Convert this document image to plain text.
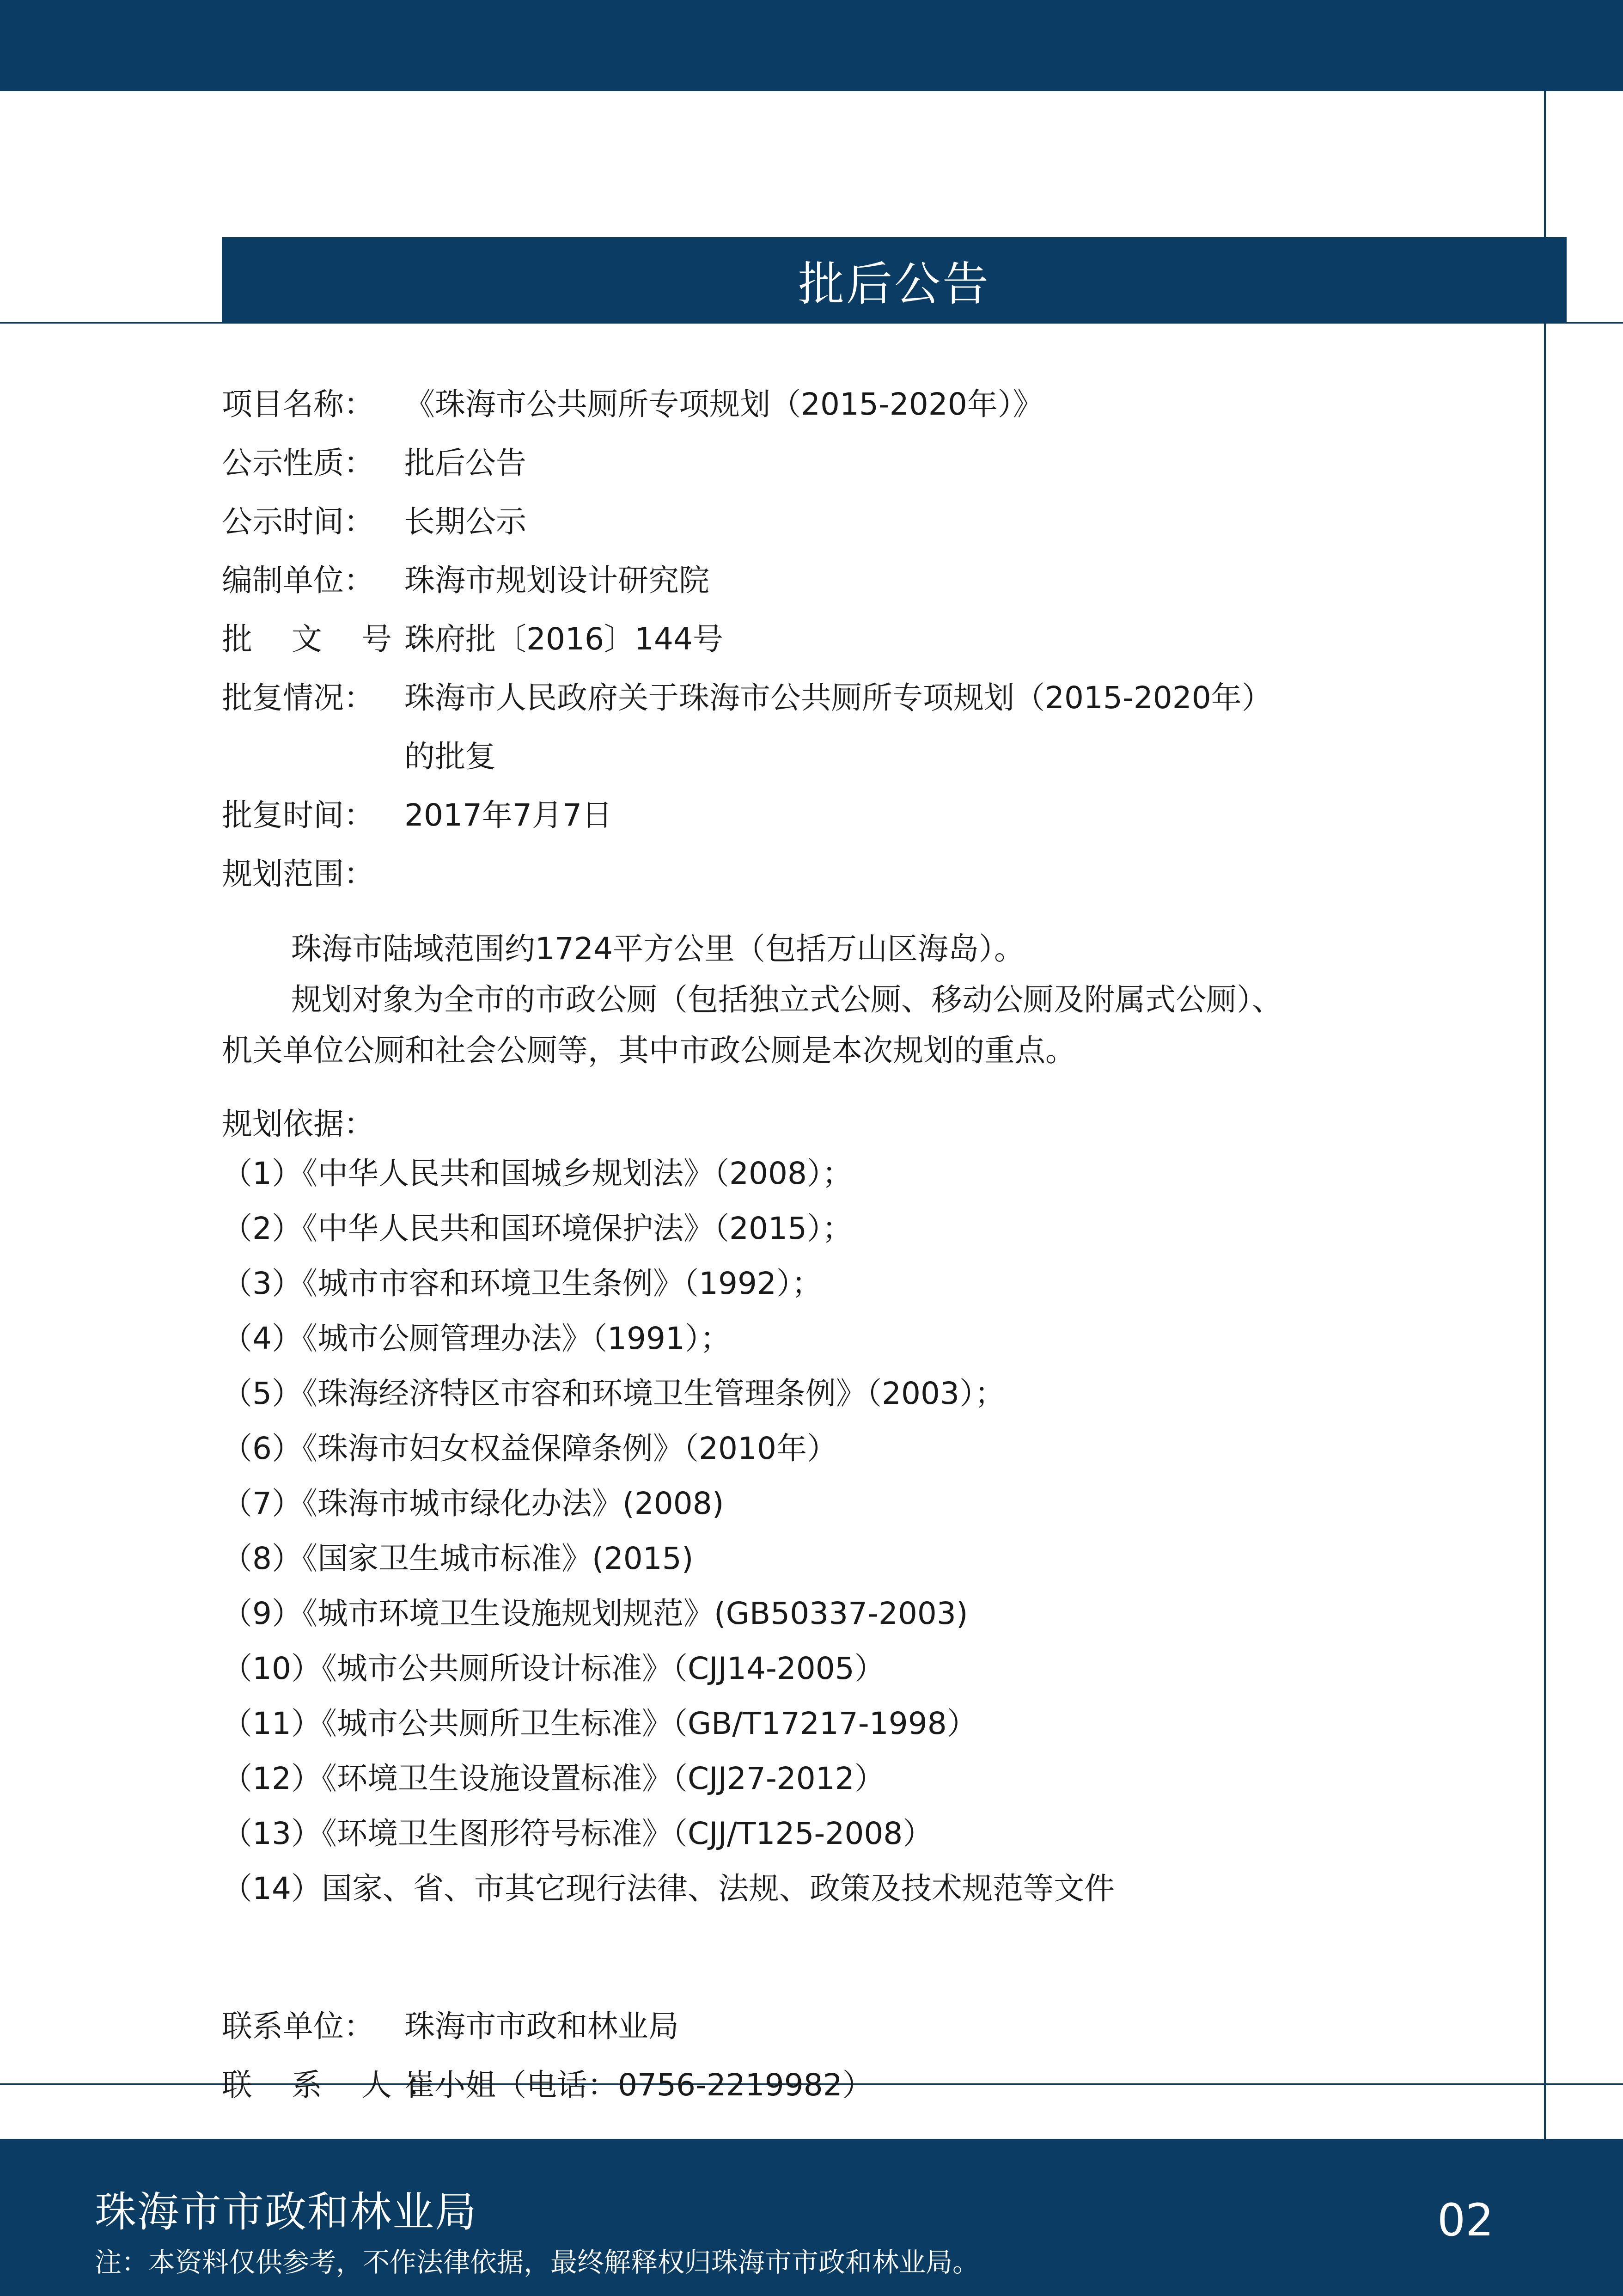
批后公告
项目名称： 《珠海市公共厕所专项规划（2015-2020年）》
公示性质： 批后公告
公示时间： 长期公示
编制单位： 珠海市规划设计研究院
批 文 号：
珠府批〔2016〕144号
批复情况： 珠海市人民政府关于珠海市公共厕所专项规划（2015-2020年）
的批复
批复时间： 2017年7月7日
规划范围：

珠海市陆域范围约1724平方公里（包括万山区海岛）。

规划对象为全市的市政公厕（包括独立式公厕、移动公厕及附属式公厕）、

机关单位公厕和社会公厕等，其中市政公厕是本次规划的重点。

规划依据：
（1）《中华人民共和国城乡规划法》（2008）；
（2）《中华人民共和国环境保护法》（2015）；
（3）《城市市容和环境卫生条例》（1992）；
（4）《城市公厕管理办法》（1991）；
（5）《珠海经济特区市容和环境卫生管理条例》（2003）；
（6）《珠海市妇女权益保障条例》（2010年）
（7）《珠海市城市绿化办法》(2008)
（8）《国家卫生城市标准》(2015)
（9）《城市环境卫生设施规划规范》(GB50337-2003)
（10）《城市公共厕所设计标准》（CJJ14-2005）
（11）《城市公共厕所卫生标准》（GB/T17217-1998）
（12）《环境卫生设施设置标准》（CJJ27-2012）
（13）《环境卫生图形符号标准》（CJJ/T125-2008）
（14）国家、省、市其它现行法律、法规、政策及技术规范等文件
联系单位： 珠海市市政和林业局
联 系 人：
崔小姐（电话：0756-2219982）
珠海市市政和林业局
注：本资料仅供参考，不作法律依据，最终解释权归珠海市市政和林业局。
02
